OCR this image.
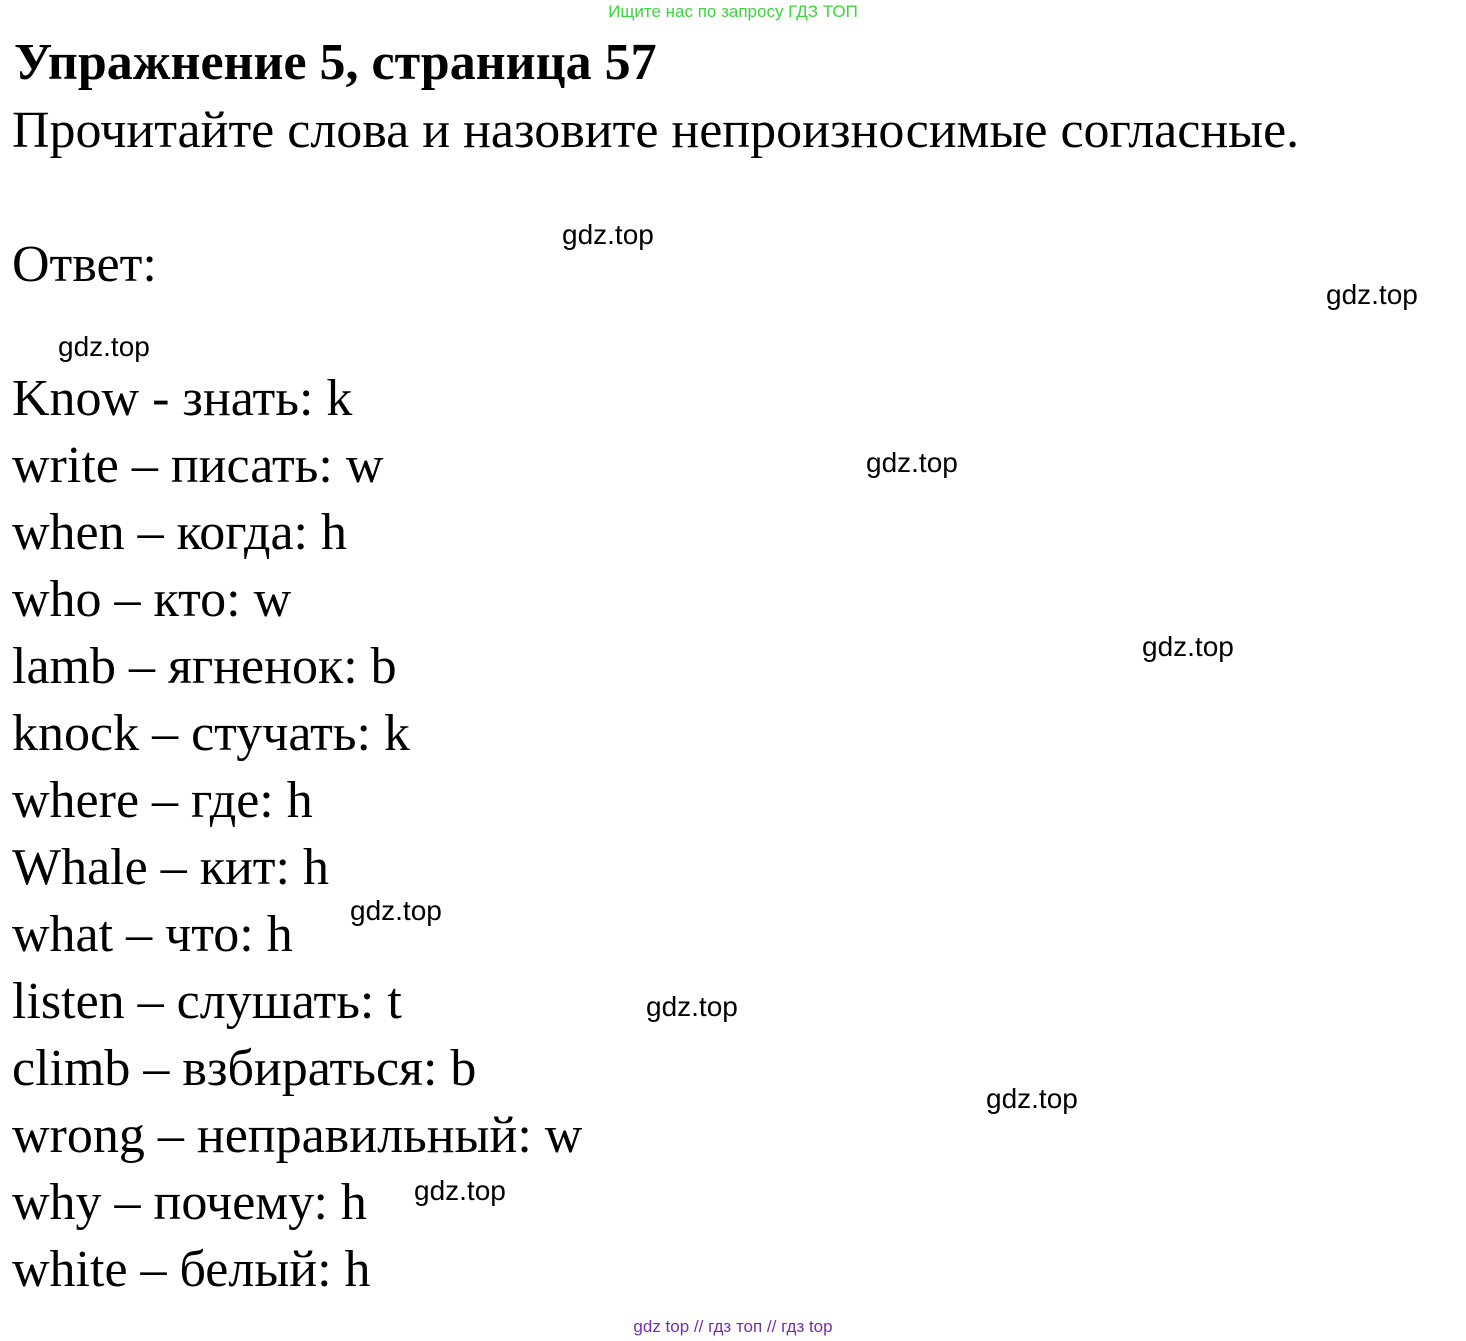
Ищите нас по запросу ГДЗ ТОП
Упражнение 5, страница 57

Прочитайте слова и назовите непроизносимые согласные.

Ответ:

Know - знать: k
write – писать: w
when – когда: h
who – кто: w
lamb – ягненок: b
knock – стучать: k
where – где: h
Whale – кит: h
what – что: h
listen – слушать: t
climb – взбираться: b
wrong – неправильный: w
why – почему: h
white – белый: h
gdz.top
gdz.top
gdz.top
gdz.top
gdz.top
gdz.top
gdz.top
gdz.top
gdz.top
gdz top // гдз топ // гдз top
